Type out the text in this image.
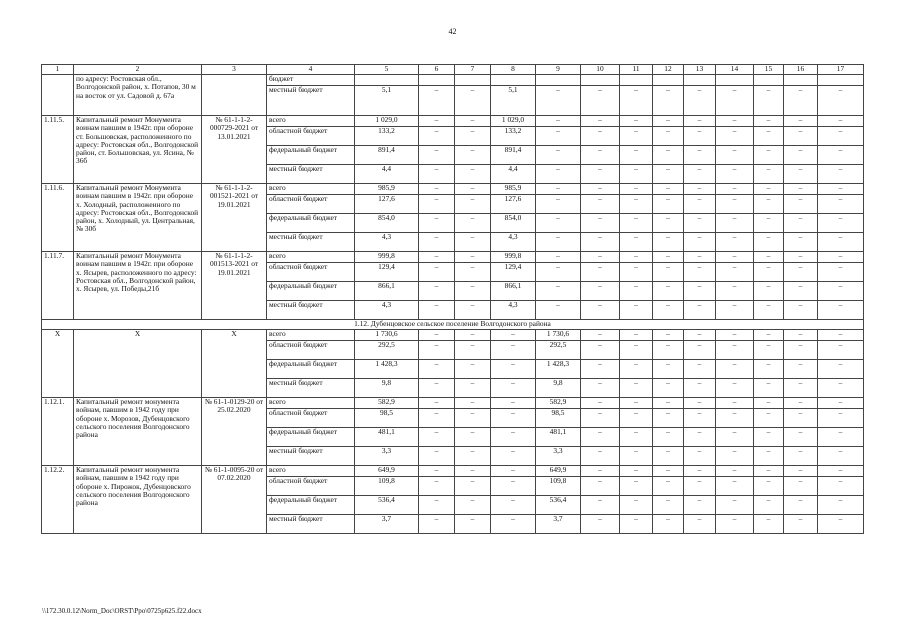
42
1	2	3	4	5	6	7	8	9	10	11	12	13	14	15	16	17
	по адресу: Ростовская обл., Волгодонской район, х. Потапов, 30 м на восток от ул. Садовой д. 67а		бюджет													
			местный бюджет	5,1	–	–	5,1	–	–	–	–	–	–	–	–	–
1.11.5.	Капитальный ремонт Монумента воинам павшим в 1942г. при обороне ст. Большовская, расположенного по адресу: Ростовская обл., Волгодонской район, ст. Большовская, ул. Ясина, № 36б	№ 61-1-1-2-000729-2021 от 13.01.2021	всего	1 029,0	–	–	1 029,0	–	–	–	–	–	–	–	–	–
			областной бюджет	133,2	–	–	133,2	–	–	–	–	–	–	–	–	–
			федеральный бюджет	891,4	–	–	891,4	–	–	–	–	–	–	–	–	–
			местный бюджет	4,4	–	–	4,4	–	–	–	–	–	–	–	–	–
1.11.6.	Капитальный ремонт Монумента воинам павшим в 1942г. при обороне х. Холодный, расположенного по адресу: Ростовская обл., Волгодонской район, х. Холодный, ул. Центральная, № 30б	№ 61-1-1-2-001521-2021 от 19.01.2021	всего	985,9	–	–	985,9	–	–	–	–	–	–	–	–	–
			областной бюджет	127,6	–	–	127,6	–	–	–	–	–	–	–	–	–
			федеральный бюджет	854,0	–	–	854,0	–	–	–	–	–	–	–	–	–
			местный бюджет	4,3	–	–	4,3	–	–	–	–	–	–	–	–	–
1.11.7.	Капитальный ремонт Монумента воинам павшим в 1942г. при обороне х. Ясырев, расположенного по адресу: Ростовская обл., Волгодонской район, х. Ясырев, ул. Победы,21б	№ 61-1-1-2-001513-2021 от 19.01.2021	всего	999,8	–	–	999,8	–	–	–	–	–	–	–	–	–
			областной бюджет	129,4	–	–	129,4	–	–	–	–	–	–	–	–	–
			федеральный бюджет	866,1	–	–	866,1	–	–	–	–	–	–	–	–	–
			местный бюджет	4,3	–	–	4,3	–	–	–	–	–	–	–	–	–
1.12. Дубенцовское сельское поселение Волгодонского района																
X	X	X	всего	1 730,6	–	–	–	1 730,6	–	–	–	–	–	–	–	–
			областной бюджет	292,5	–	–	–	292,5	–	–	–	–	–	–	–	–
			федеральный бюджет	1 428,3	–	–	–	1 428,3	–	–	–	–	–	–	–	–
			местный бюджет	9,8	–	–	–	9,8	–	–	–	–	–	–	–	–
1.12.1.	Капитальный ремонт монумента войнам, павшим в 1942 году при обороне х. Морозов, Дубенцовского сельского поселения Волгодонского района	№ 61-1-0129-20 от 25.02.2020	всего	582,9	–	–	–	582,9	–	–	–	–	–	–	–	–
			областной бюджет	98,5	–	–	–	98,5	–	–	–	–	–	–	–	–
			федеральный бюджет	481,1	–	–	–	481,1	–	–	–	–	–	–	–	–
			местный бюджет	3,3	–	–	–	3,3	–	–	–	–	–	–	–	–
1.12.2.	Капитальный ремонт монумента войнам, павшим в 1942 году при обороне х. Пирожок, Дубенцовского сельского поселения Волгодонского района	№ 61-1-0095-20 от 07.02.2020	всего	649,9	–	–	–	649,9	–	–	–	–	–	–	–	–
			областной бюджет	109,8	–	–	–	109,8	–	–	–	–	–	–	–	–
			федеральный бюджет	536,4	–	–	–	536,4	–	–	–	–	–	–	–	–
			местный бюджет	3,7	–	–	–	3,7	–	–	–	–	–	–	–	–
\\172.30.0.12\Norm_Doc\ORST\Ppo\0725p625.f22.docx
